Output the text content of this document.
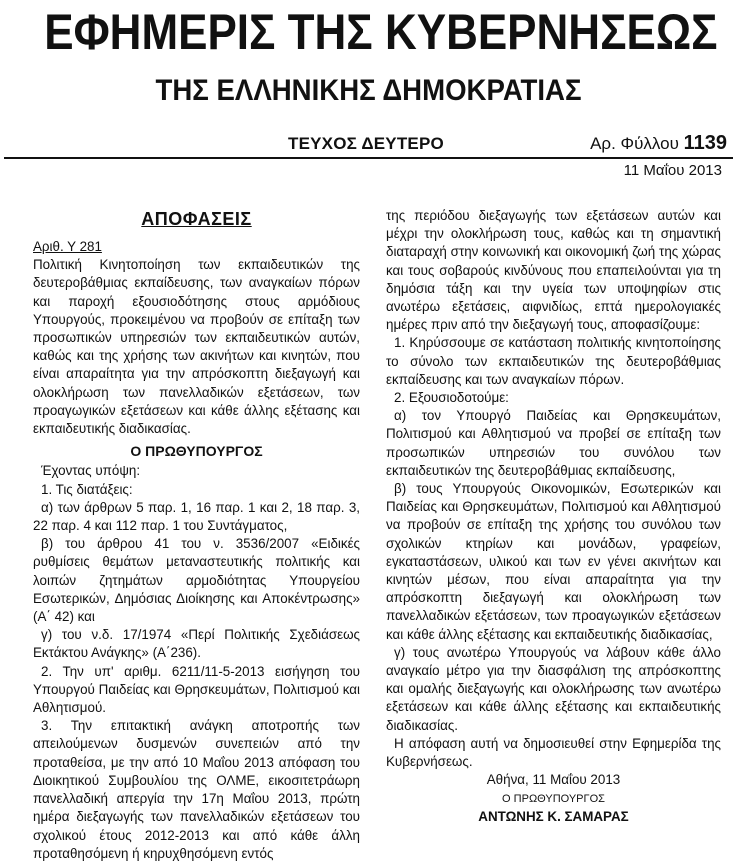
ΕΦΗΜΕΡΙΣ ΤΗΣ ΚΥΒΕΡΝΗΣΕΩΣ
ΤΗΣ ΕΛΛΗΝΙΚΗΣ ΔΗΜΟΚΡΑΤΙΑΣ
ΤΕΥΧΟΣ ΔΕΥΤΕΡΟ	Αρ. Φύλλου 1139
11 Μαΐου 2013
ΑΠΟΦΑΣΕΙΣ

Αριθ. Υ 281

Πολιτική Κινητοποίηση των εκπαιδευτικών της δευτεροβάθμιας εκπαίδευσης, των αναγκαίων πόρων και παροχή εξουσιοδότησης στους αρμόδιους Υπουργούς, προκειμένου να προβούν σε επίταξη των προσωπικών υπηρεσιών των εκπαιδευτικών αυτών, καθώς και της χρήσης των ακινήτων και κινητών, που είναι απαραίτητα για την απρόσκοπτη διεξαγωγή και ολοκλήρωση των πανελλαδικών εξετάσεων, των προαγωγικών εξετάσεων και κάθε άλλης εξέτασης και εκπαιδευτικής διαδικασίας.

Ο ΠΡΩΘΥΠΟΥΡΓΟΣ

Έχοντας υπόψη:

1. Τις διατάξεις:

α) των άρθρων 5 παρ. 1, 16 παρ. 1 και 2, 18 παρ. 3, 22 παρ. 4 και 112 παρ. 1 του Συντάγματος,

β) του άρθρου 41 του ν. 3536/2007 «Ειδικές ρυθμίσεις θεμάτων μεταναστευτικής πολιτικής και λοιπών ζητημάτων αρμοδιότητας Υπουργείου Εσωτερικών, Δημόσιας Διοίκησης και Αποκέντρωσης» (Α΄ 42) και

γ) του ν.δ. 17/1974 «Περί Πολιτικής Σχεδιάσεως Εκτάκτου Ανάγκης» (Α΄236).

2. Την υπ' αριθμ. 6211/11-5-2013 εισήγηση του Υπουργού Παιδείας και Θρησκευμάτων, Πολιτισμού και Αθλητισμού.

3. Την επιτακτική ανάγκη αποτροπής των απειλούμενων δυσμενών συνεπειών από την προταθείσα, με την από 10 Μαΐου 2013 απόφαση του Διοικητικού Συμβουλίου της ΟΛΜΕ, εικοσιτετράωρη πανελλαδική απεργία την 17η Μαΐου 2013, πρώτη ημέρα διεξαγωγής των πανελλαδικών εξετάσεων του σχολικού έτους 2012-2013 και από κάθε άλλη προταθησόμενη ή κηρυχθησόμενη εντός

της περιόδου διεξαγωγής των εξετάσεων αυτών και μέχρι την ολοκλήρωση τους, καθώς και τη σημαντική διαταραχή στην κοινωνική και οικονομική ζωή της χώρας και τους σοβαρούς κινδύνους που επαπειλούνται για τη δημόσια τάξη και την υγεία των υποψηφίων στις ανωτέρω εξετάσεις, αιφνιδίως, επτά ημερολογιακές ημέρες πριν από την διεξαγωγή τους, αποφασίζουμε:

1. Κηρύσσουμε σε κατάσταση πολιτικής κινητοποίησης το σύνολο των εκπαιδευτικών της δευτεροβάθμιας εκπαίδευσης και των αναγκαίων πόρων.

2. Εξουσιοδοτούμε:

α) τον Υπουργό Παιδείας και Θρησκευμάτων, Πολιτισμού και Αθλητισμού να προβεί σε επίταξη των προσωπικών υπηρεσιών του συνόλου των εκπαιδευτικών της δευτεροβάθμιας εκπαίδευσης,

β) τους Υπουργούς Οικονομικών, Εσωτερικών και Παιδείας και Θρησκευμάτων, Πολιτισμού και Αθλητισμού να προβούν σε επίταξη της χρήσης του συνόλου των σχολικών κτηρίων και μονάδων, γραφείων, εγκαταστάσεων, υλικού και των εν γένει ακινήτων και κινητών μέσων, που είναι απαραίτητα για την απρόσκοπτη διεξαγωγή και ολοκλήρωση των πανελλαδικών εξετάσεων, των προαγωγικών εξετάσεων και κάθε άλλης εξέτασης και εκπαιδευτικής διαδικασίας,

γ) τους ανωτέρω Υπουργούς να λάβουν κάθε άλλο αναγκαίο μέτρο για την διασφάλιση της απρόσκοπτης και ομαλής διεξαγωγής και ολοκλήρωσης των ανωτέρω εξετάσεων και κάθε άλλης εξέτασης και εκπαιδευτικής διαδικασίας.

Η απόφαση αυτή να δημοσιευθεί στην Εφημερίδα της Κυβερνήσεως.

Αθήνα, 11 Μαΐου 2013

Ο ΠΡΩΘΥΠΟΥΡΓΟΣ

ΑΝΤΩΝΗΣ Κ. ΣΑΜΑΡΑΣ
